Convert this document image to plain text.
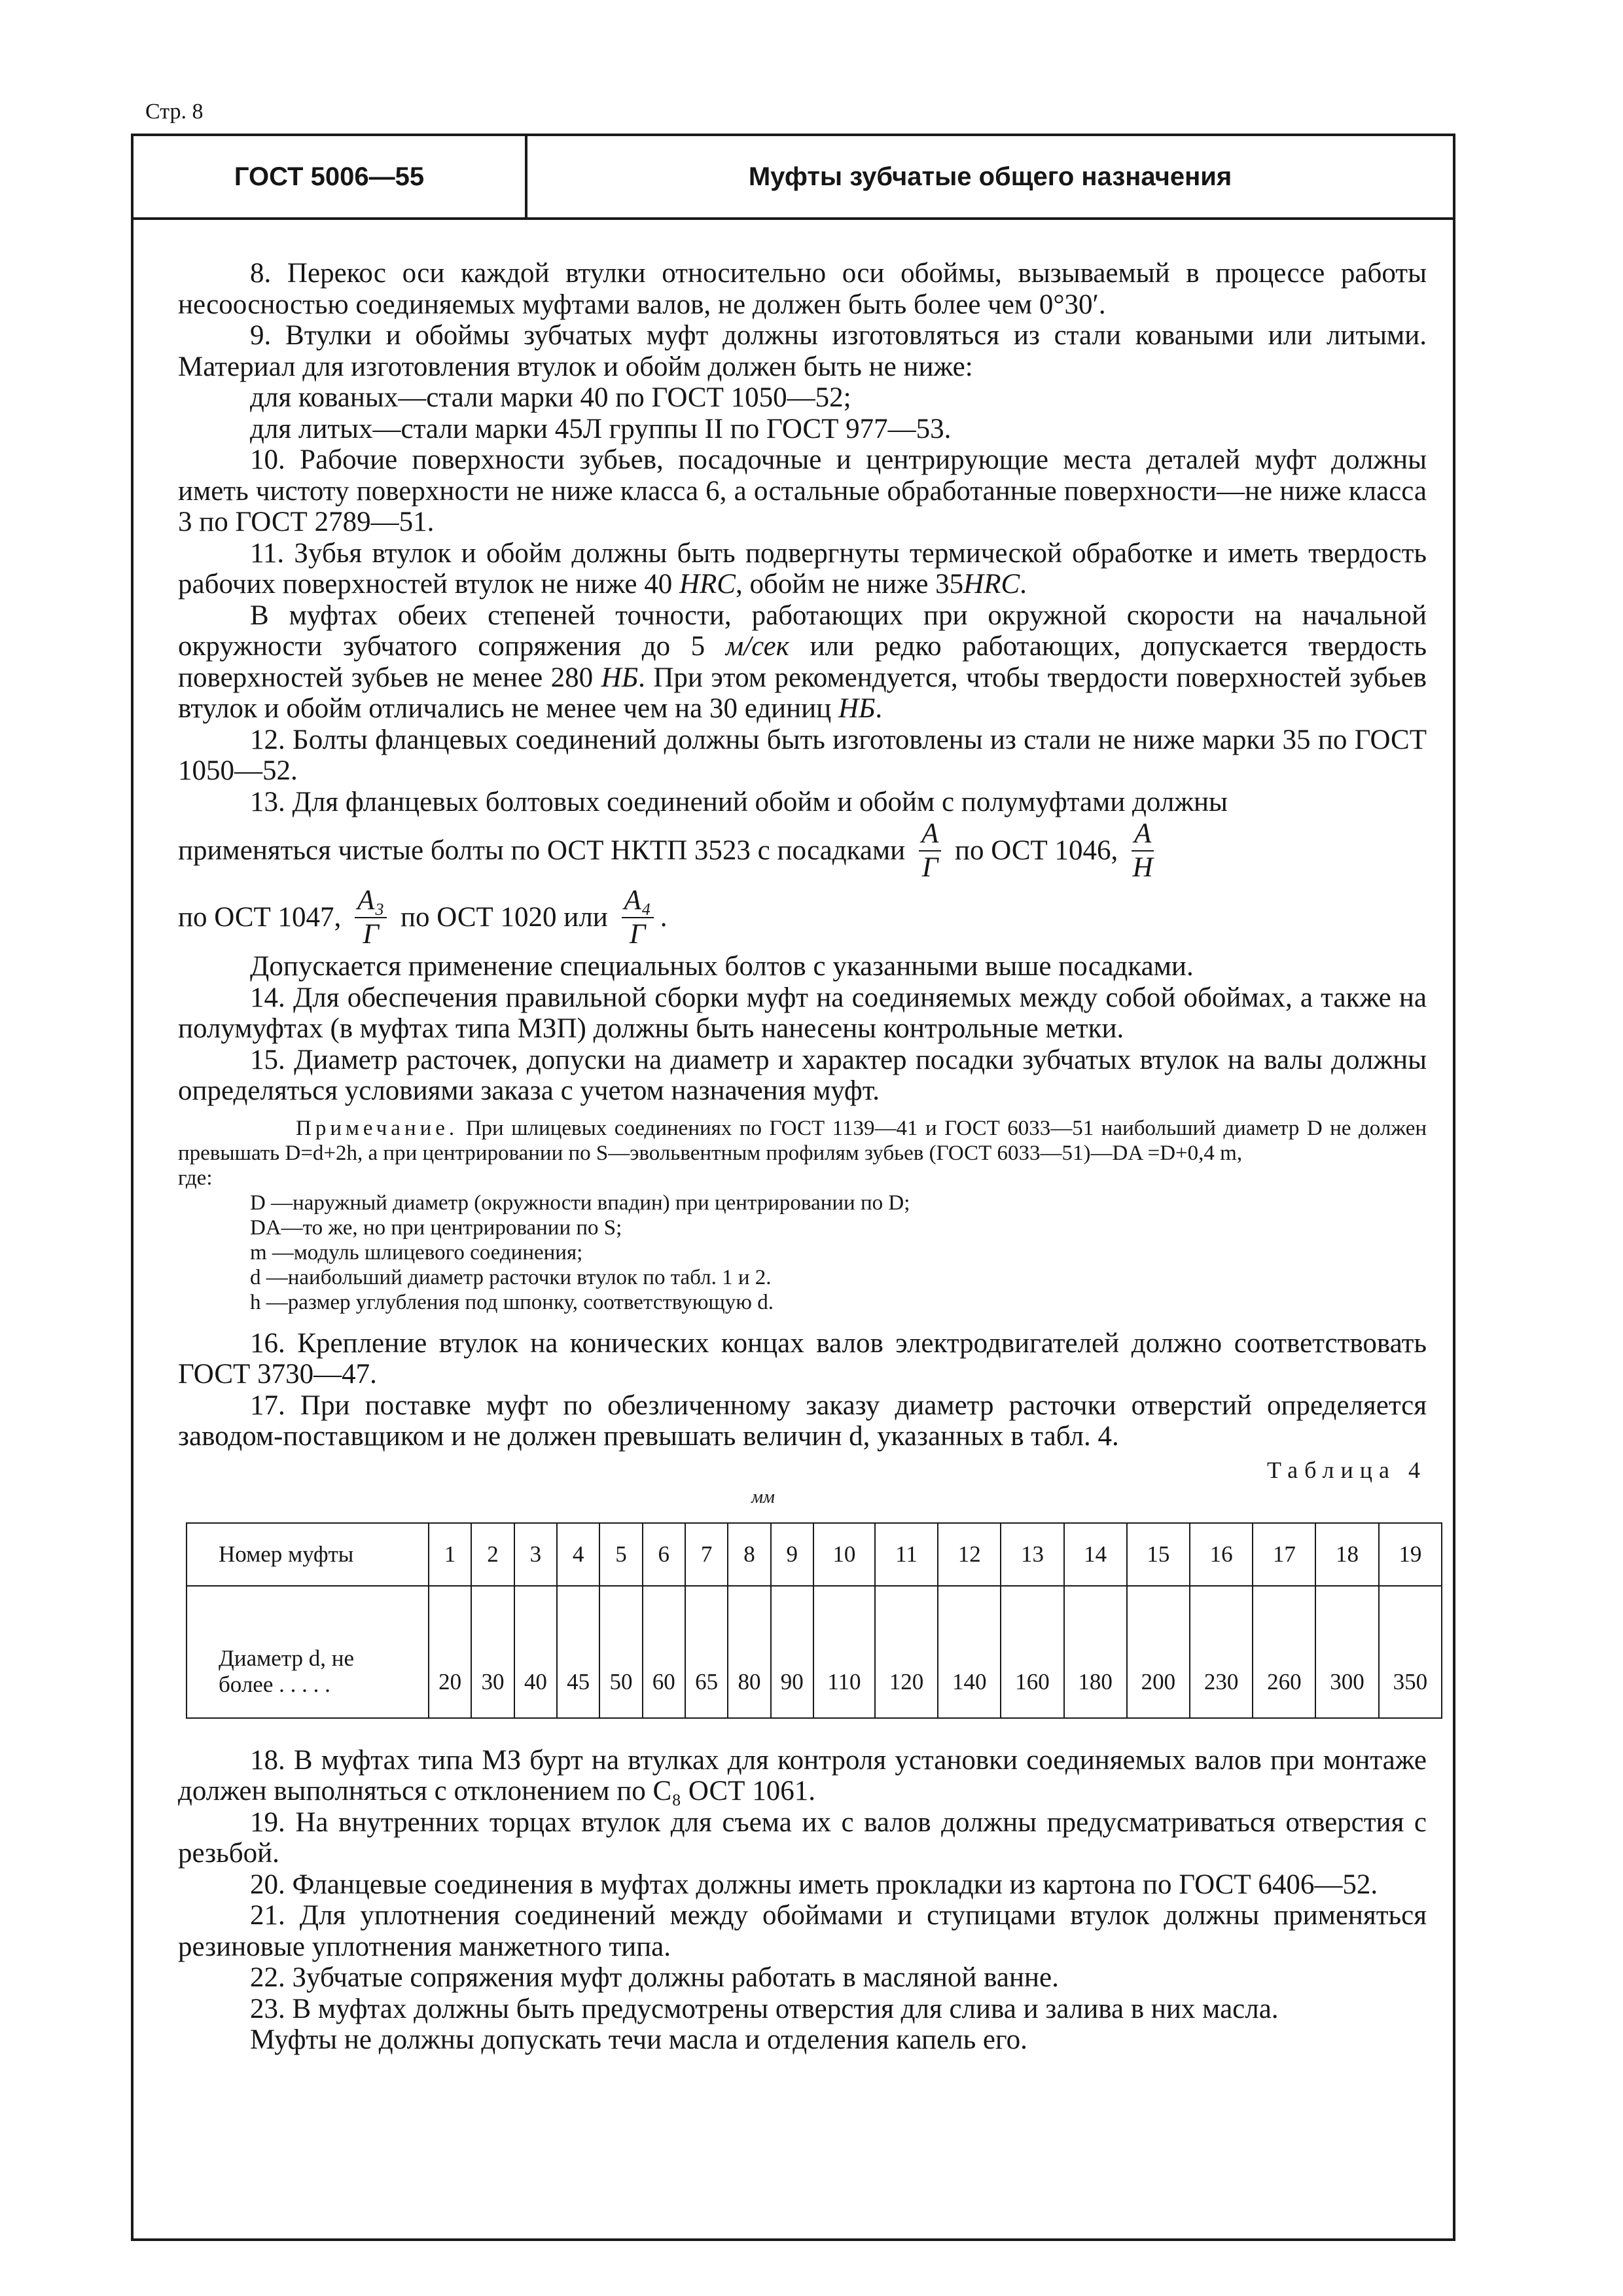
Стр. 8
ГОСТ 5006—55	Муфты зубчатые общего назначения

8. Перекос оси каждой втулки относительно оси обоймы, вызываемый в процессе работы несоосностью соединяемых муфтами валов, не должен быть более чем 0°30′.

9. Втулки и обоймы зубчатых муфт должны изготовляться из стали коваными или литыми. Материал для изготовления втулок и обойм должен быть не ниже:

для кованых—стали марки 40 по ГОСТ 1050—52;

для литых—стали марки 45Л группы II по ГОСТ 977—53.

10. Рабочие поверхности зубьев, посадочные и центрирующие места деталей муфт должны иметь чистоту поверхности не ниже класса 6, а остальные обработанные поверхности—не ниже класса 3 по ГОСТ 2789—51.

11. Зубья втулок и обойм должны быть подвергнуты термической обработке и иметь твердость рабочих поверхностей втулок не ниже 40 HRC, обойм не ниже 35HRC.

В муфтах обеих степеней точности, работающих при окружной скорости на начальной окружности зубчатого сопряжения до 5 м/сек или редко работающих, допускается твердость поверхностей зубьев не менее 280 HБ. При этом рекомендуется, чтобы твердости поверхностей зубьев втулок и обойм отличались не менее чем на 30 единиц HБ.

12. Болты фланцевых соединений должны быть изготовлены из стали не ниже марки 35 по ГОСТ 1050—52.

13. Для фланцевых болтовых соединений обойм и обойм с полумуфтами должны

применяться чистые болты по ОСТ НКТП 3523 с посадками $\frac{A}{Г}$ по ОСТ 1046, $\frac{A}{Н}$

по ОСТ 1047, $\frac{\text{A₃}}{Г}$ по ОСТ 1020 или $\frac{\text{A₄}}{Г}$ .

Допускается применение специальных болтов с указанными выше посадками.

14. Для обеспечения правильной сборки муфт на соединяемых между собой обоймах, а также на полумуфтах (в муфтах типа МЗП) должны быть нанесены контрольные метки.

15. Диаметр расточек, допуски на диаметр и характер посадки зубчатых втулок на валы должны определяться условиями заказа с учетом назначения муфт.

Примечание. При шлицевых соединениях по ГОСТ 1139—41 и ГОСТ 6033—51 наибольший диаметр D не должен превышать D=d+2h, а при центрировании по S—эвольвентным профилям зубьев (ГОСТ 6033—51)—DA =D+0,4 m,

где:

D —наружный диаметр (окружности впадин) при центрировании по D;

DA—то же, но при центрировании по S;

m —модуль шлицевого соединения;

d —наибольший диаметр расточки втулок по табл. 1 и 2.

h —размер углубления под шпонку, соответствующую d.

16. Крепление втулок на конических концах валов электродвигателей должно соответствовать ГОСТ 3730—47.

17. При поставке муфт по обезличенному заказу диаметр расточки отверстий определяется заводом-поставщиком и не должен превышать величин d, указанных в табл. 4.

Таблица 4
мм
Номер муфты	1	2	3	4	5	6	7	8	9	10	11	12	13	14	15	16	17	18	19
Диаметр d, не
более . . . . .	20	30	40	45	50	60	65	80	90	110	120	140	160	180	200	230	260	300	350

18. В муфтах типа МЗ бурт на втулках для контроля установки соединяемых валов при монтаже должен выполняться с отклонением по C₈ ОСТ 1061.

19. На внутренних торцах втулок для съема их с валов должны предусматриваться отверстия с резьбой.

20. Фланцевые соединения в муфтах должны иметь прокладки из картона по ГОСТ 6406—52.

21. Для уплотнения соединений между обоймами и ступицами втулок должны применяться резиновые уплотнения манжетного типа.

22. Зубчатые сопряжения муфт должны работать в масляной ванне.

23. В муфтах должны быть предусмотрены отверстия для слива и залива в них масла.

Муфты не должны допускать течи масла и отделения капель его.
